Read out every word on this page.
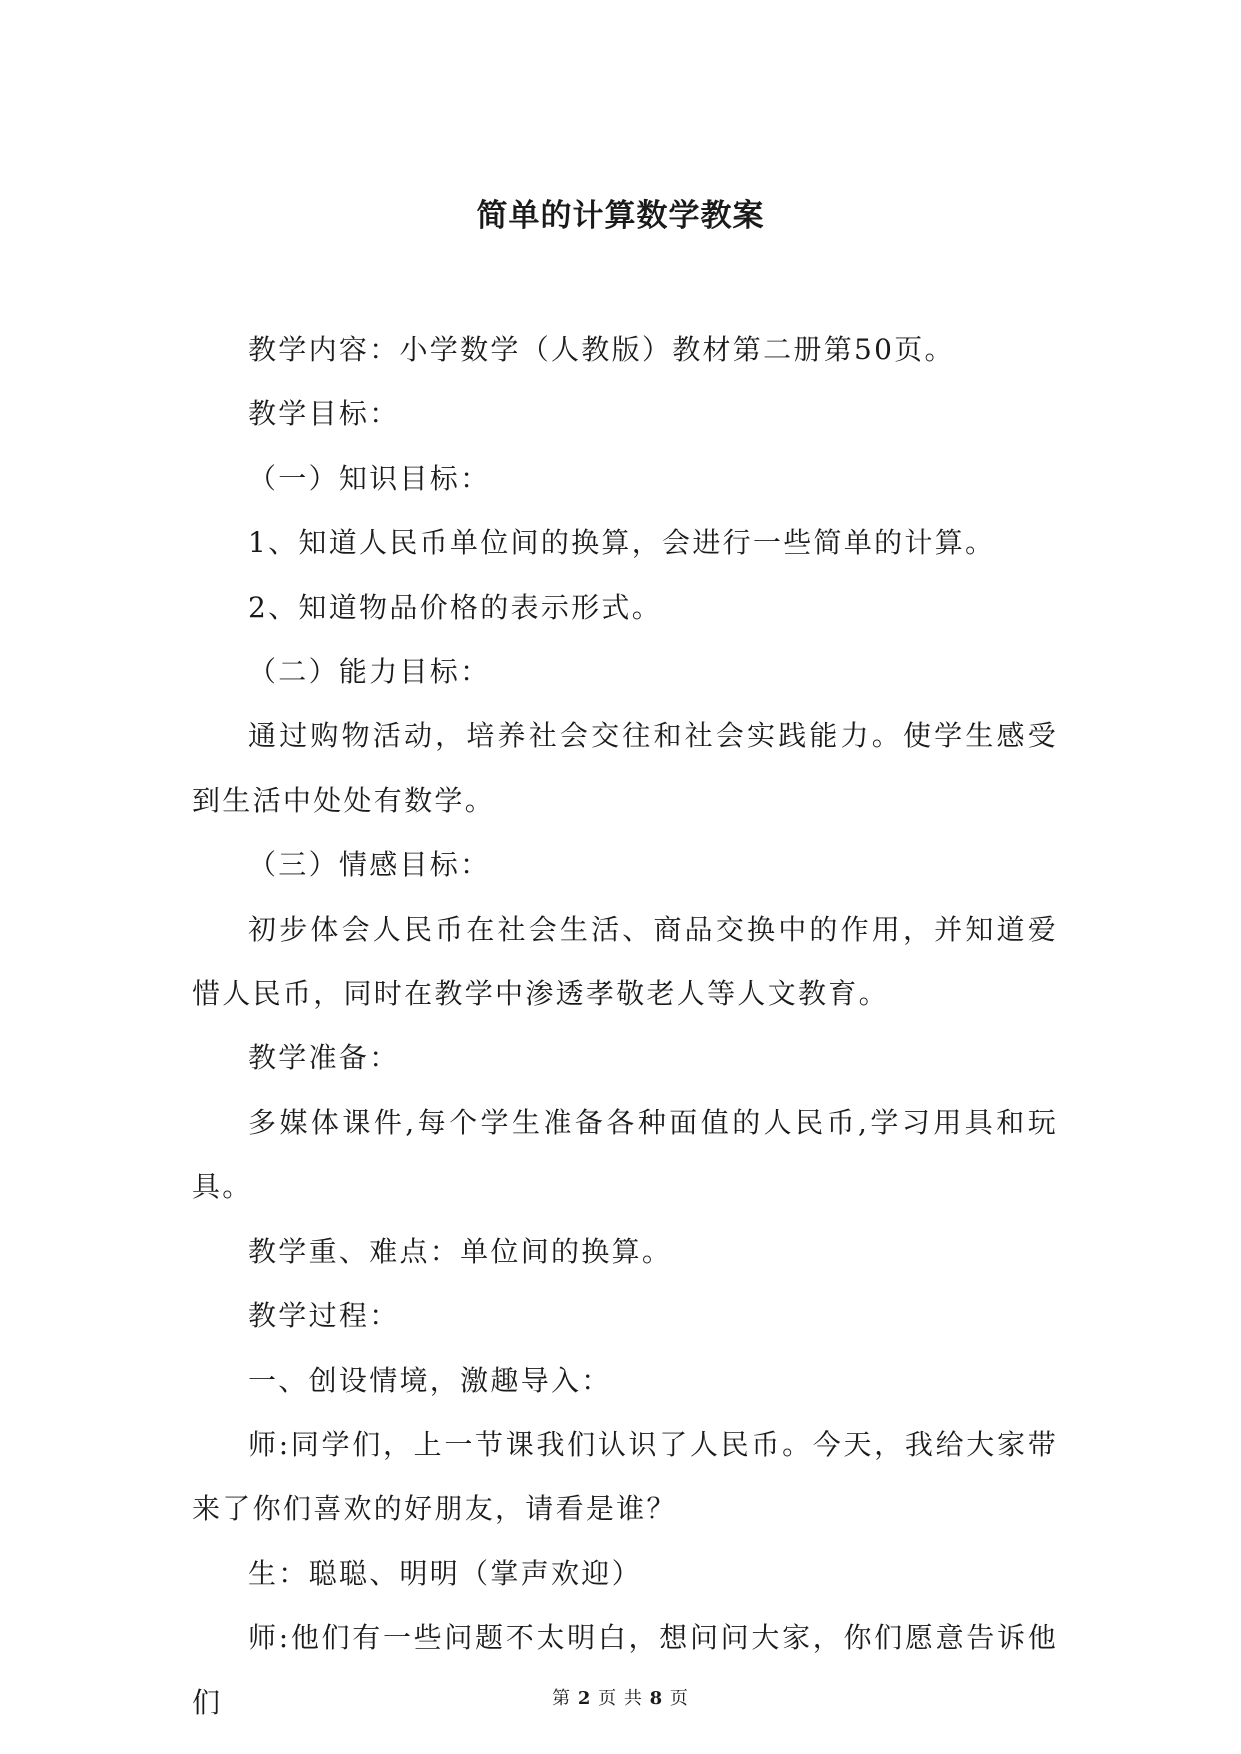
简单的计算数学教案

教学内容：小学数学（人教版）教材第二册第50页。

教学目标：

（一）知识目标：

1、知道人民币单位间的换算，会进行一些简单的计算。

2、知道物品价格的表示形式。

（二）能力目标：

通过购物活动，培养社会交往和社会实践能力。使学生感受到生活中处处有数学。

（三）情感目标：

初步体会人民币在社会生活、商品交换中的作用，并知道爱惜人民币，同时在教学中渗透孝敬老人等人文教育。

教学准备：

多媒体课件,每个学生准备各种面值的人民币,学习用具和玩具。

教学重、难点：单位间的换算。

教学过程：

一、创设情境，激趣导入：

师:同学们，上一节课我们认识了人民币。今天，我给大家带来了你们喜欢的好朋友，请看是谁？

生：聪聪、明明（掌声欢迎）

师:他们有一些问题不太明白，想问问大家，你们愿意告诉他们	第 2 页 共 8 页
